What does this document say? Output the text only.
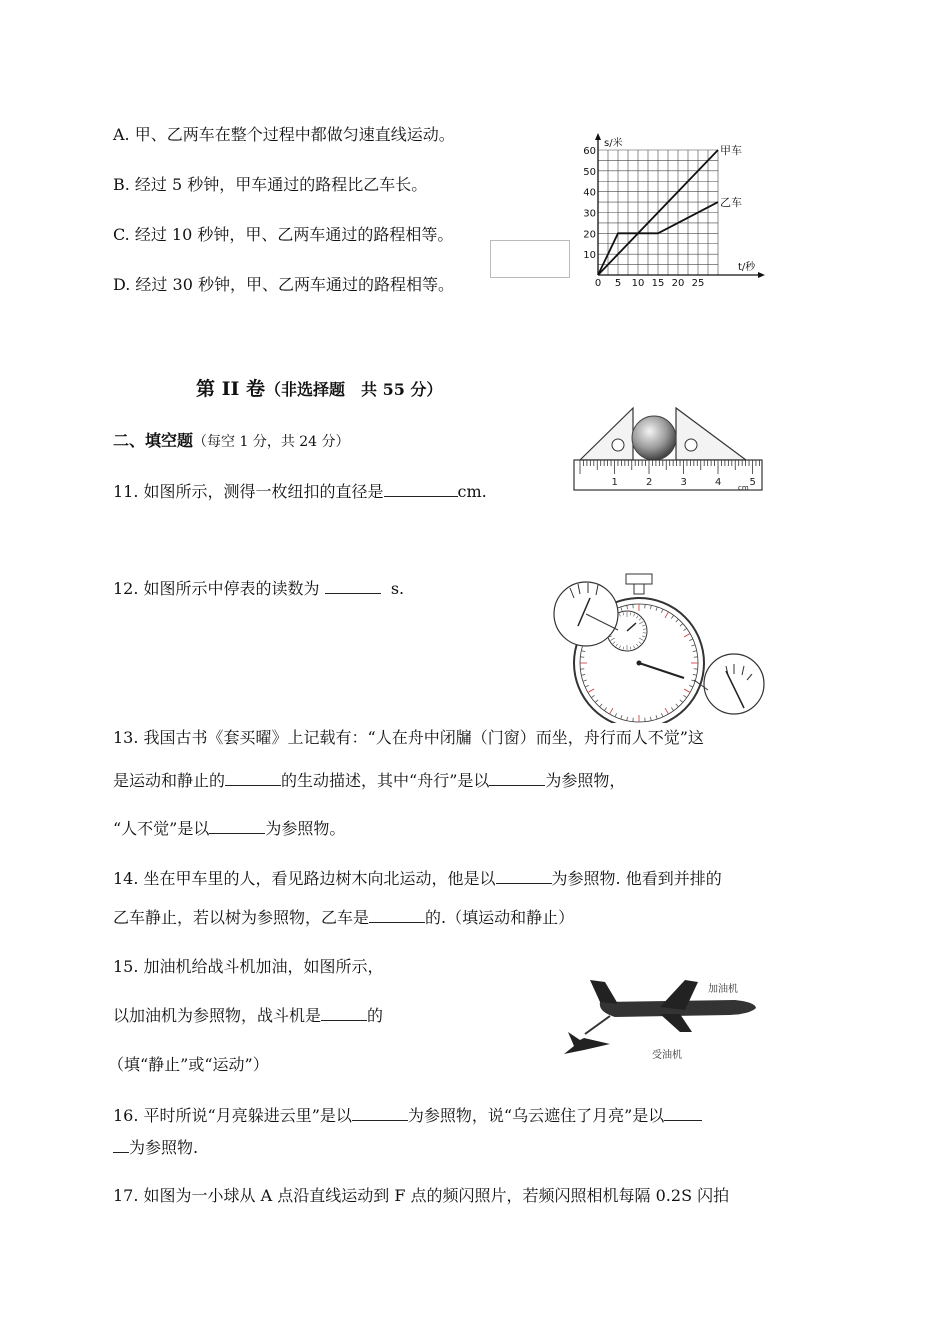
A. 甲、乙两车在整个过程中都做匀速直线运动。
B. 经过 5 秒钟，甲车通过的路程比乙车长。
C. 经过 10 秒钟，甲、乙两车通过的路程相等。
D. 经过 30 秒钟，甲、乙两车通过的路程相等。
10
20
30
40
50
60
0 5 10 15 20 25
s/米
t/秒
甲车
乙车
第 II 卷（非选择题　共 55 分）
二、填空题（每空 1 分，共 24 分）
11. 如图所示，测得一枚纽扣的直径是	cm.	1	2	3	4	5
cm
12. 如图所示中停表的读数为	s.
13. 我国古书《套买曜》上记载有：“人在舟中闭牖（门窗）而坐，舟行而人不觉”这
是运动和静止的	的生动描述，其中“舟行”是以	为参照物，
“人不觉”是以	为参照物。
14. 坐在甲车里的人，看见路边树木向北运动，他是以	为参照物. 他看到并排的
乙车静止，若以树为参照物，乙车是	的.（填运动和静止）
15. 加油机给战斗机加油，如图所示，
以加油机为参照物，战斗机是	的
（填“静止”或“运动”）
加油机
受油机
16. 平时所说“月亮躲进云里”是以	为参照物，说“乌云遮住了月亮”是以
为参照物.
17. 如图为一小球从 A 点沿直线运动到 F 点的频闪照片，若频闪照相机每隔 0.2S 闪拍
